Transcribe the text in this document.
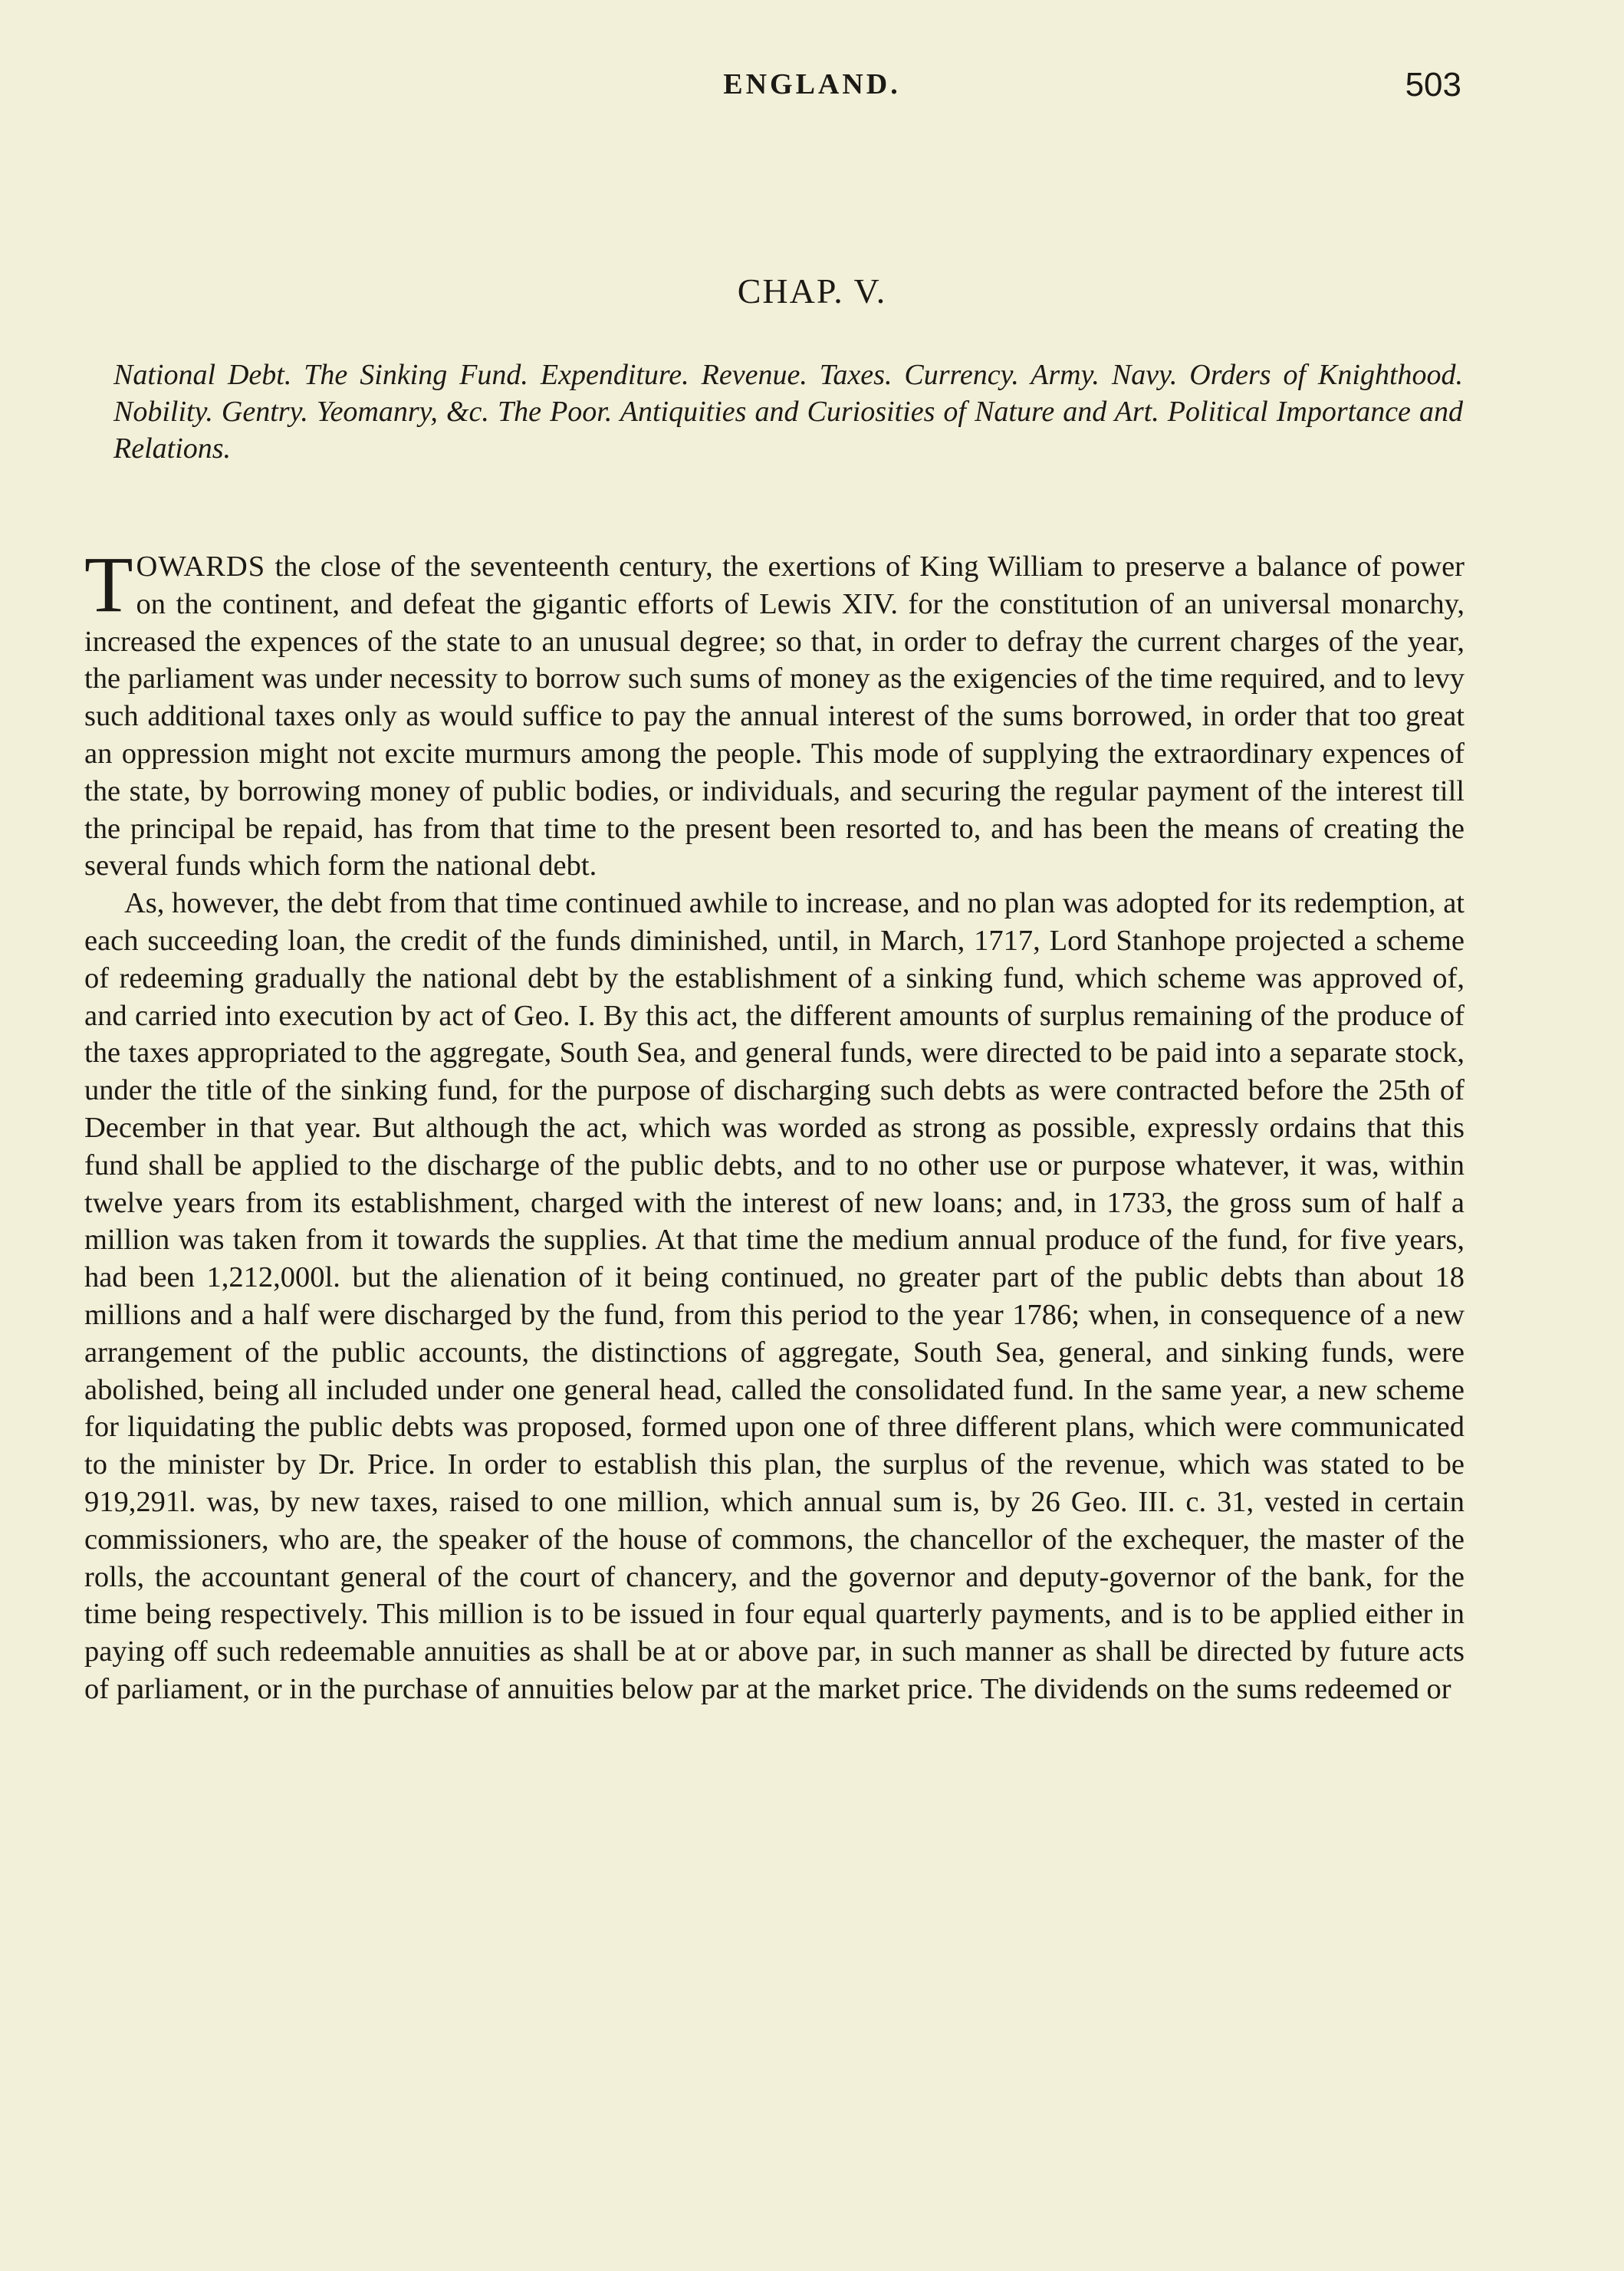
ENGLAND.	503
CHAP. V.
National Debt. The Sinking Fund. Expenditure. Revenue. Taxes. Currency. Army. Navy. Orders of Knighthood. Nobility. Gentry. Yeomanry, &c. The Poor. Antiquities and Curiosities of Nature and Art. Political Importance and Relations.

TOWARDS the close of the seventeenth century, the exertions of King William to preserve a balance of power on the continent, and defeat the gigantic efforts of Lewis XIV. for the constitution of an universal monarchy, increased the expences of the state to an unusual degree; so that, in order to defray the current charges of the year, the parliament was under necessity to borrow such sums of money as the exigencies of the time required, and to levy such additional taxes only as would suffice to pay the annual interest of the sums borrowed, in order that too great an oppression might not excite murmurs among the people. This mode of supplying the extraordinary expences of the state, by borrowing money of public bodies, or individuals, and securing the regular payment of the interest till the principal be repaid, has from that time to the present been resorted to, and has been the means of creating the several funds which form the national debt.

As, however, the debt from that time continued awhile to increase, and no plan was adopted for its redemption, at each succeeding loan, the credit of the funds diminished, until, in March, 1717, Lord Stanhope projected a scheme of redeeming gradually the national debt by the establishment of a sinking fund, which scheme was approved of, and carried into execution by act of Geo. I. By this act, the different amounts of surplus remaining of the produce of the taxes appropriated to the aggregate, South Sea, and general funds, were directed to be paid into a separate stock, under the title of the sinking fund, for the purpose of discharging such debts as were contracted before the 25th of December in that year. But although the act, which was worded as strong as possible, expressly ordains that this fund shall be applied to the discharge of the public debts, and to no other use or purpose whatever, it was, within twelve years from its establishment, charged with the interest of new loans; and, in 1733, the gross sum of half a million was taken from it towards the supplies. At that time the medium annual produce of the fund, for five years, had been 1,212,000l. but the alienation of it being continued, no greater part of the public debts than about 18 millions and a half were discharged by the fund, from this period to the year 1786; when, in consequence of a new arrangement of the public accounts, the distinctions of aggregate, South Sea, general, and sinking funds, were abolished, being all included under one general head, called the consolidated fund. In the same year, a new scheme for liquidating the public debts was proposed, formed upon one of three different plans, which were communicated to the minister by Dr. Price. In order to establish this plan, the surplus of the revenue, which was stated to be 919,291l. was, by new taxes, raised to one million, which annual sum is, by 26 Geo. III. c. 31, vested in certain commissioners, who are, the speaker of the house of commons, the chancellor of the exchequer, the master of the rolls, the accountant general of the court of chancery, and the governor and deputy-governor of the bank, for the time being respectively. This million is to be issued in four equal quarterly payments, and is to be applied either in paying off such redeemable annuities as shall be at or above par, in such manner as shall be directed by future acts of parliament, or in the purchase of annuities below par at the market price. The dividends on the sums redeemed or
